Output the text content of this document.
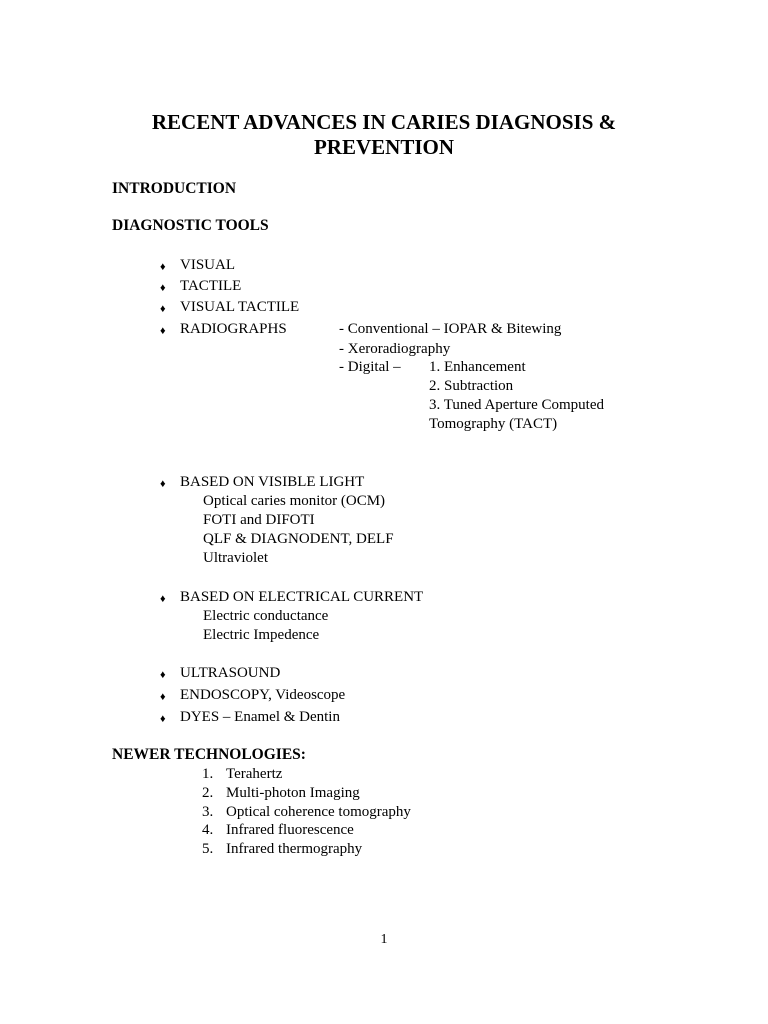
RECENT ADVANCES IN CARIES DIAGNOSIS &
PREVENTION
INTRODUCTION
DIAGNOSTIC TOOLS
♦ VISUAL
♦ TACTILE
♦ VISUAL TACTILE
♦ RADIOGRAPHS	- Conventional – IOPAR & Bitewing
- Xeroradiography
- Digital – 1. Enhancement
2. Subtraction
3. Tuned Aperture Computed
Tomography (TACT)
♦ BASED ON VISIBLE LIGHT
Optical caries monitor (OCM)
FOTI and DIFOTI
QLF & DIAGNODENT, DELF
Ultraviolet
♦ BASED ON ELECTRICAL CURRENT
Electric conductance
Electric Impedence
♦ ULTRASOUND
♦ ENDOSCOPY, Videoscope
♦ DYES – Enamel & Dentin
NEWER TECHNOLOGIES:
1. Terahertz
2. Multi-photon Imaging
3. Optical coherence tomography
4. Infrared fluorescence
5. Infrared thermography
1
